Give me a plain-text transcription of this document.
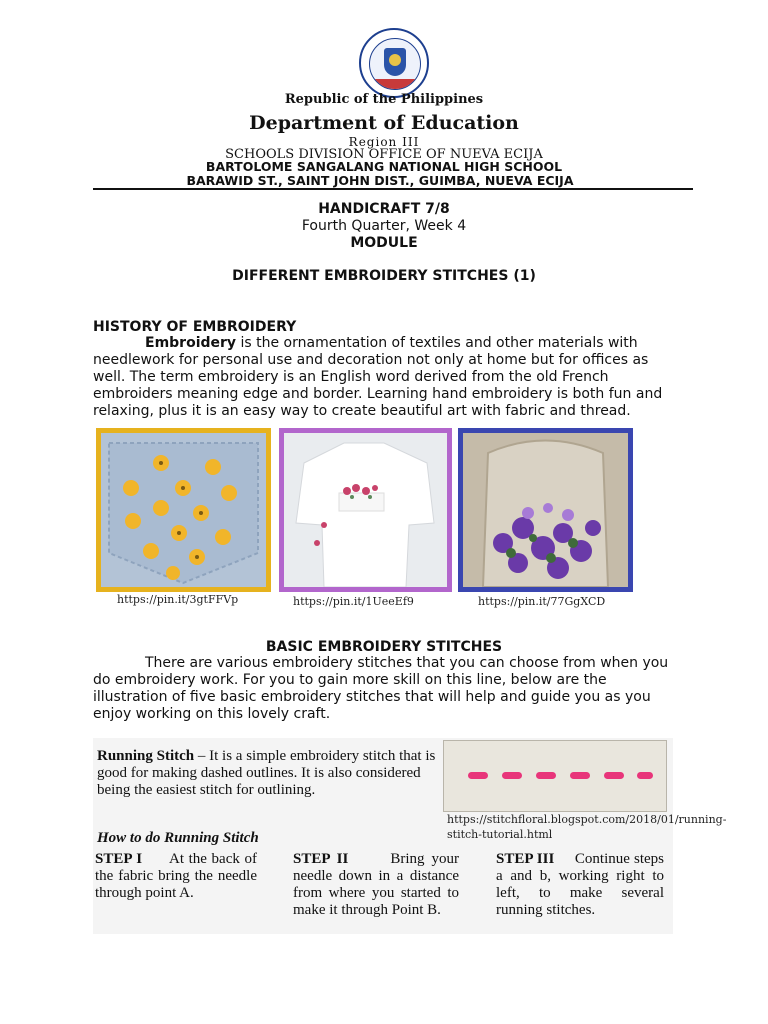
Republic of the Philippines
Department of Education
Region III
SCHOOLS DIVISION OFFICE OF NUEVA ECIJA
BARTOLOME SANGALANG NATIONAL HIGH SCHOOL
BARAWID ST., SAINT JOHN DIST., GUIMBA, NUEVA ECIJA
HANDICRAFT 7/8
Fourth Quarter, Week 4
MODULE
DIFFERENT EMBROIDERY STITCHES (1)
HISTORY OF EMBROIDERY

Embroidery is the ornamentation of textiles and other materials with needlework for personal use and decoration not only at home but for offices as well. The term embroidery is an English word derived from the old French embroiders meaning edge and border. Learning hand embroidery is both fun and relaxing, plus it is an easy way to create beautiful art with fabric and thread.

https://pin.it/3gtFFVp	https://pin.it/1UeeEf9	https://pin.it/77GgXCD
BASIC EMBROIDERY STITCHES

There are various embroidery stitches that you can choose from when you do embroidery work. For you to gain more skill on this line, below are the illustration of five basic embroidery stitches that will help and guide you as you enjoy working on this lovely craft.

Running Stitch – It is a simple embroidery stitch that is good for making dashed outlines. It is also considered being the easiest stitch for outlining.
https://stitchfloral.blogspot.com/2018/01/running-stitch-tutorial.html
How to do Running Stitch
STEP I At the back of the fabric bring the needle through point A.
STEP II	Bring your needle down in a distance from where you started to make it through Point B.
STEP III Continue steps a and b, working right to left, to make several running stitches.
